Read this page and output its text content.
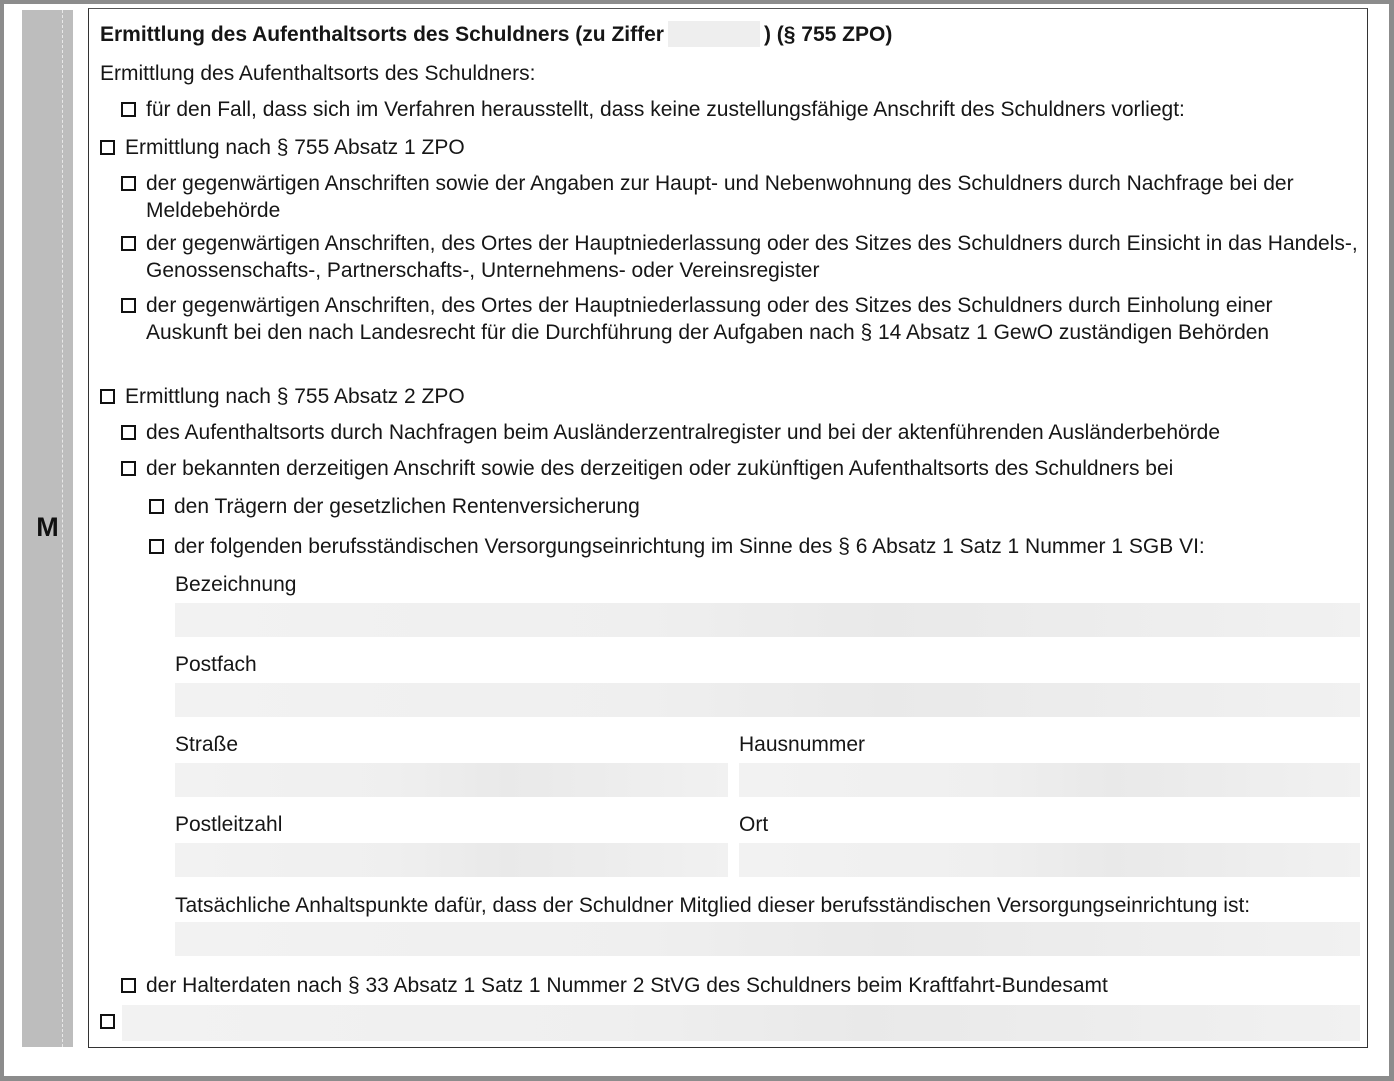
M
Ermittlung des Aufenthaltsorts des Schuldners (zu Ziffer	) (§ 755 ZPO)
Ermittlung des Aufenthaltsorts des Schuldners:
für den Fall, dass sich im Verfahren herausstellt, dass keine zustellungsfähige Anschrift des Schuldners vorliegt:
Ermittlung nach § 755 Absatz 1 ZPO
der gegenwärtigen Anschriften sowie der Angaben zur Haupt- und Nebenwohnung des Schuldners durch Nachfrage bei der Meldebehörde
der gegenwärtigen Anschriften, des Ortes der Hauptniederlassung oder des Sitzes des Schuldners durch Einsicht in das Handels-, Genossenschafts-, Partnerschafts-, Unternehmens- oder Vereinsregister
der gegenwärtigen Anschriften, des Ortes der Hauptniederlassung oder des Sitzes des Schuldners durch Einholung einer Auskunft bei den nach Landesrecht für die Durchführung der Aufgaben nach § 14 Absatz 1 GewO zuständigen Behörden
Ermittlung nach § 755 Absatz 2 ZPO
des Aufenthaltsorts durch Nachfragen beim Ausländerzentralregister und bei der aktenführenden Ausländerbehörde
der bekannten derzeitigen Anschrift sowie des derzeitigen oder zukünftigen Aufenthaltsorts des Schuldners bei
den Trägern der gesetzlichen Rentenversicherung
der folgenden berufsständischen Versorgungseinrichtung im Sinne des § 6 Absatz 1 Satz 1 Nummer 1 SGB VI:
Bezeichnung
Postfach
Straße	Hausnummer
Postleitzahl	Ort
Tatsächliche Anhaltspunkte dafür, dass der Schuldner Mitglied dieser berufsständischen Versorgungseinrichtung ist:
der Halterdaten nach § 33 Absatz 1 Satz 1 Nummer 2 StVG des Schuldners beim Kraftfahrt-Bundesamt
